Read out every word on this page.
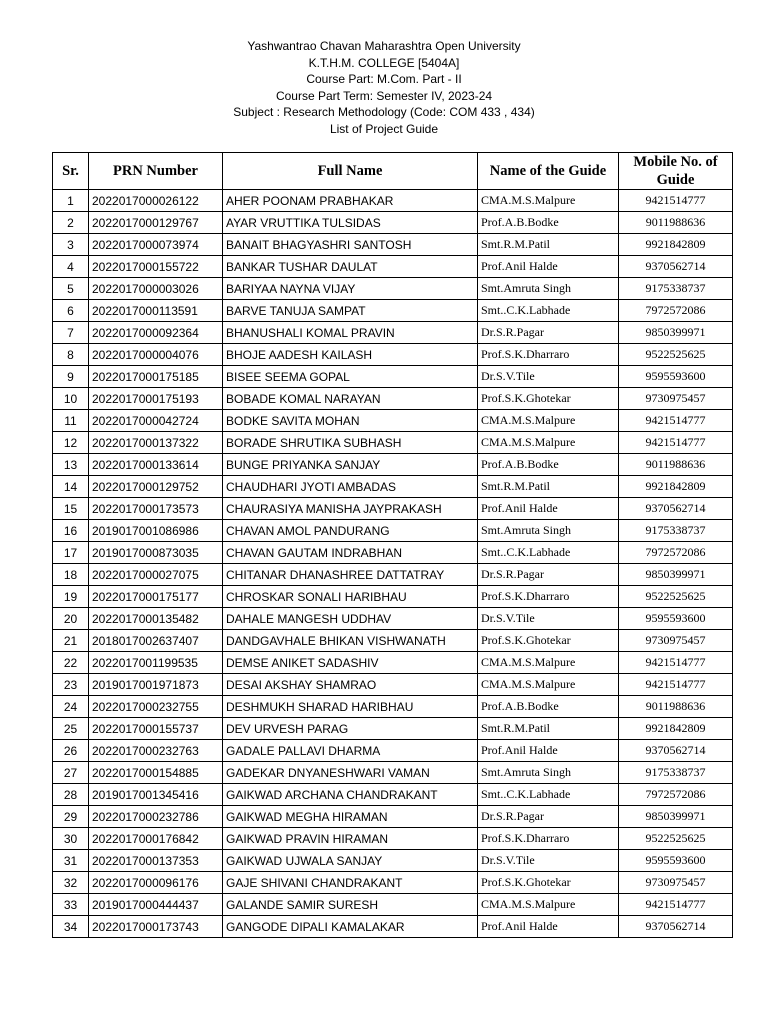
Yashwantrao Chavan Maharashtra Open University
K.T.H.M. COLLEGE [5404A]
Course Part: M.Com. Part - II
Course Part Term: Semester IV, 2023-24
Subject : Research Methodology (Code: COM 433 , 434)
List of Project Guide
Sr.	PRN Number	Full Name	Name of the Guide	Mobile No. of
Guide
1	2022017000026122	AHER POONAM PRABHAKAR	CMA.M.S.Malpure	9421514777
2	2022017000129767	AYAR VRUTTIKA TULSIDAS	Prof.A.B.Bodke	9011988636
3	2022017000073974	BANAIT BHAGYASHRI SANTOSH	Smt.R.M.Patil	9921842809
4	2022017000155722	BANKAR TUSHAR DAULAT	Prof.Anil Halde	9370562714
5	2022017000003026	BARIYAA NAYNA VIJAY	Smt.Amruta Singh	9175338737
6	2022017000113591	BARVE TANUJA SAMPAT	Smt..C.K.Labhade	7972572086
7	2022017000092364	BHANUSHALI KOMAL PRAVIN	Dr.S.R.Pagar	9850399971
8	2022017000004076	BHOJE AADESH KAILASH	Prof.S.K.Dharraro	9522525625
9	2022017000175185	BISEE SEEMA GOPAL	Dr.S.V.Tile	9595593600
10	2022017000175193	BOBADE KOMAL NARAYAN	Prof.S.K.Ghotekar	9730975457
11	2022017000042724	BODKE SAVITA MOHAN	CMA.M.S.Malpure	9421514777
12	2022017000137322	BORADE SHRUTIKA SUBHASH	CMA.M.S.Malpure	9421514777
13	2022017000133614	BUNGE PRIYANKA SANJAY	Prof.A.B.Bodke	9011988636
14	2022017000129752	CHAUDHARI JYOTI AMBADAS	Smt.R.M.Patil	9921842809
15	2022017000173573	CHAURASIYA MANISHA JAYPRAKASH	Prof.Anil Halde	9370562714
16	2019017001086986	CHAVAN AMOL PANDURANG	Smt.Amruta Singh	9175338737
17	2019017000873035	CHAVAN GAUTAM INDRABHAN	Smt..C.K.Labhade	7972572086
18	2022017000027075	CHITANAR DHANASHREE DATTATRAY	Dr.S.R.Pagar	9850399971
19	2022017000175177	CHROSKAR SONALI HARIBHAU	Prof.S.K.Dharraro	9522525625
20	2022017000135482	DAHALE MANGESH UDDHAV	Dr.S.V.Tile	9595593600
21	2018017002637407	DANDGAVHALE BHIKAN VISHWANATH	Prof.S.K.Ghotekar	9730975457
22	2022017001199535	DEMSE ANIKET SADASHIV	CMA.M.S.Malpure	9421514777
23	2019017001971873	DESAI AKSHAY SHAMRAO	CMA.M.S.Malpure	9421514777
24	2022017000232755	DESHMUKH SHARAD HARIBHAU	Prof.A.B.Bodke	9011988636
25	2022017000155737	DEV URVESH PARAG	Smt.R.M.Patil	9921842809
26	2022017000232763	GADALE PALLAVI DHARMA	Prof.Anil Halde	9370562714
27	2022017000154885	GADEKAR DNYANESHWARI VAMAN	Smt.Amruta Singh	9175338737
28	2019017001345416	GAIKWAD ARCHANA CHANDRAKANT	Smt..C.K.Labhade	7972572086
29	2022017000232786	GAIKWAD MEGHA HIRAMAN	Dr.S.R.Pagar	9850399971
30	2022017000176842	GAIKWAD PRAVIN HIRAMAN	Prof.S.K.Dharraro	9522525625
31	2022017000137353	GAIKWAD UJWALA SANJAY	Dr.S.V.Tile	9595593600
32	2022017000096176	GAJE SHIVANI CHANDRAKANT	Prof.S.K.Ghotekar	9730975457
33	2019017000444437	GALANDE SAMIR SURESH	CMA.M.S.Malpure	9421514777
34	2022017000173743	GANGODE DIPALI KAMALAKAR	Prof.Anil Halde	9370562714
